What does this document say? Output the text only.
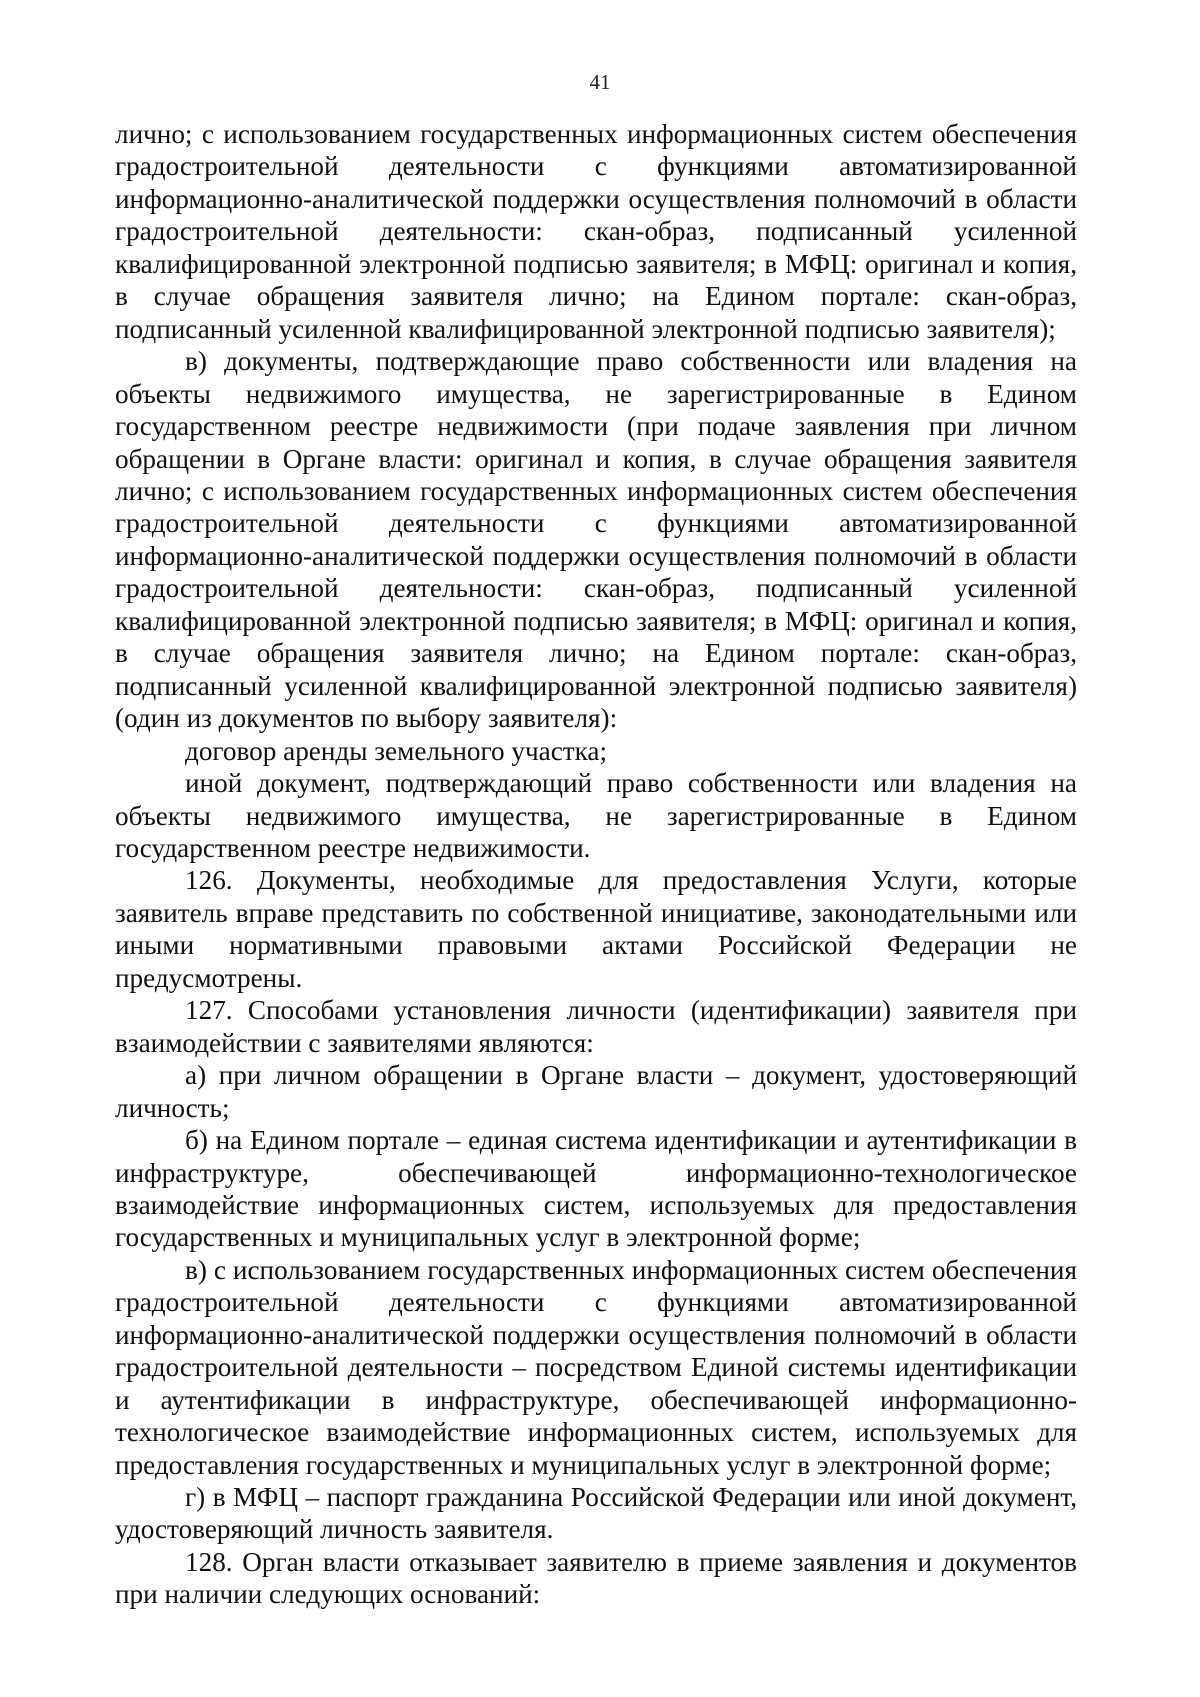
41

лично; с использованием государственных информационных систем обеспечения градостроительной деятельности с функциями автоматизированной информационно-аналитической поддержки осуществления полномочий в области градостроительной деятельности: скан-образ, подписанный усиленной квалифицированной электронной подписью заявителя; в МФЦ: оригинал и копия, в случае обращения заявителя лично; на Едином портале: скан-образ, подписанный усиленной квалифицированной электронной подписью заявителя);

в) документы, подтверждающие право собственности или владения на объекты недвижимого имущества, не зарегистрированные в Едином государственном реестре недвижимости (при подаче заявления при личном обращении в Органе власти: оригинал и копия, в случае обращения заявителя лично; с использованием государственных информационных систем обеспечения градостроительной деятельности с функциями автоматизированной информационно-аналитической поддержки осуществления полномочий в области градостроительной деятельности: скан-образ, подписанный усиленной квалифицированной электронной подписью заявителя; в МФЦ: оригинал и копия, в случае обращения заявителя лично; на Едином портале: скан-образ, подписанный усиленной квалифицированной электронной подписью заявителя) (один из документов по выбору заявителя):

договор аренды земельного участка;

иной документ, подтверждающий право собственности или владения на объекты недвижимого имущества, не зарегистрированные в Едином государственном реестре недвижимости.

126. Документы, необходимые для предоставления Услуги, которые заявитель вправе представить по собственной инициативе, законодательными или иными нормативными правовыми актами Российской Федерации не предусмотрены.

127. Способами установления личности (идентификации) заявителя при взаимодействии с заявителями являются:

а) при личном обращении в Органе власти – документ, удостоверяющий личность;

б) на Едином портале – единая система идентификации и аутентификации в инфраструктуре, обеспечивающей информационно-технологическое взаимодействие информационных систем, используемых для предоставления государственных и муниципальных услуг в электронной форме;

в) с использованием государственных информационных систем обеспечения градостроительной деятельности с функциями автоматизированной информационно-аналитической поддержки осуществления полномочий в области градостроительной деятельности – посредством Единой системы идентификации и аутентификации в инфраструктуре, обеспечивающей информационно-технологическое взаимодействие информационных систем, используемых для предоставления государственных и муниципальных услуг в электронной форме;

г) в МФЦ – паспорт гражданина Российской Федерации или иной документ, удостоверяющий личность заявителя.

128. Орган власти отказывает заявителю в приеме заявления и документов при наличии следующих оснований:
